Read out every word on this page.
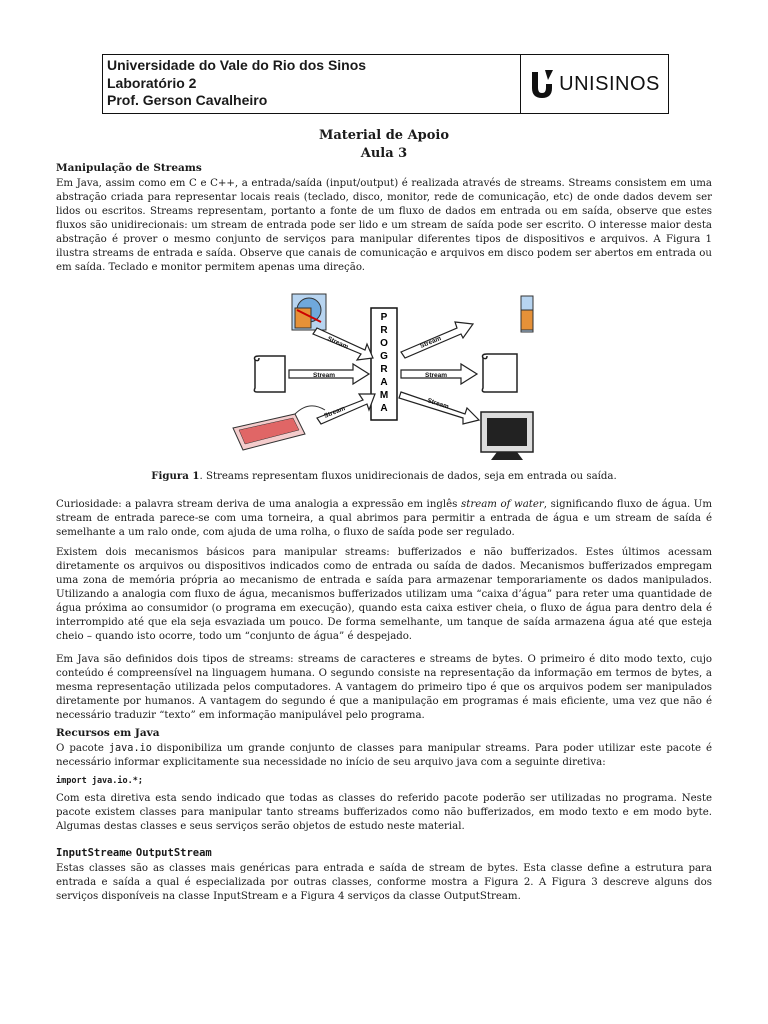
Universidade do Vale do Rio dos Sinos
Laboratório 2
Prof. Gerson Cavalheiro
UNISINOS
Material de Apoio
Aula 3
Manipulação de Streams
Em Java, assim como em C e C++, a entrada/saída (input/output) é realizada através de streams. Streams consistem em uma abstração criada para representar locais reais (teclado, disco, monitor, rede de comunicação, etc) de onde dados devem ser lidos ou escritos. Streams representam, portanto a fonte de um fluxo de dados em entrada ou em saída, observe que estes fluxos são unidirecionais: um stream de entrada pode ser lido e um stream de saída pode ser escrito. O interesse maior desta abstração é prover o mesmo conjunto de serviços para manipular diferentes tipos de dispositivos e arquivos. A Figura 1 ilustra streams de entrada e saída. Observe que canais de comunicação e arquivos em disco podem ser abertos em entrada ou em saída. Teclado e monitor permitem apenas uma direção.
P
R
O
G
R
A
M
A
Stream
Stream
Stream
Stream
Stream
Stream
Figura 1. Streams representam fluxos unidirecionais de dados, seja em entrada ou saída.
Curiosidade: a palavra stream deriva de uma analogia a expressão em inglês stream of water, significando fluxo de água. Um stream de entrada parece-se com uma torneira, a qual abrimos para permitir a entrada de água e um stream de saída é semelhante a um ralo onde, com ajuda de uma rolha, o fluxo de saída pode ser regulado.
Existem dois mecanismos básicos para manipular streams: bufferizados e não bufferizados. Estes últimos acessam diretamente os arquivos ou dispositivos indicados como de entrada ou saída de dados. Mecanismos bufferizados empregam uma zona de memória própria ao mecanismo de entrada e saída para armazenar temporariamente os dados manipulados. Utilizando a analogia com fluxo de água, mecanismos bufferizados utilizam uma “caixa d’água” para reter uma quantidade de água próxima ao consumidor (o programa em execução), quando esta caixa estiver cheia, o fluxo de água para dentro dela é interrompido até que ela seja esvaziada um pouco. De forma semelhante, um tanque de saída armazena água até que esteja cheio – quando isto ocorre, todo um “conjunto de água” é despejado.
Em Java são definidos dois tipos de streams: streams de caracteres e streams de bytes. O primeiro é dito modo texto, cujo conteúdo é compreensível na linguagem humana. O segundo consiste na representação da informação em termos de bytes, a mesma representação utilizada pelos computadores. A vantagem do primeiro tipo é que os arquivos podem ser manipulados diretamente por humanos. A vantagem do segundo é que a manipulação em programas é mais eficiente, uma vez que não é necessário traduzir “texto” em informação manipulável pelo programa.
Recursos em Java
O pacote java.io disponibiliza um grande conjunto de classes para manipular streams. Para poder utilizar este pacote é necessário informar explicitamente sua necessidade no início de seu arquivo java com a seguinte diretiva:
import java.io.*;
Com esta diretiva esta sendo indicado que todas as classes do referido pacote poderão ser utilizadas no programa. Neste pacote existem classes para manipular tanto streams bufferizados como não bufferizados, em modo texto e em modo byte. Algumas destas classes e seus serviços serão objetos de estudo neste material.
InputStreame OutputStream
Estas classes são as classes mais genéricas para entrada e saída de stream de bytes. Esta classe define a estrutura para entrada e saída a qual é especializada por outras classes, conforme mostra a Figura 2. A Figura 3 descreve alguns dos serviços disponíveis na classe InputStream e a Figura 4 serviços da classe OutputStream.
